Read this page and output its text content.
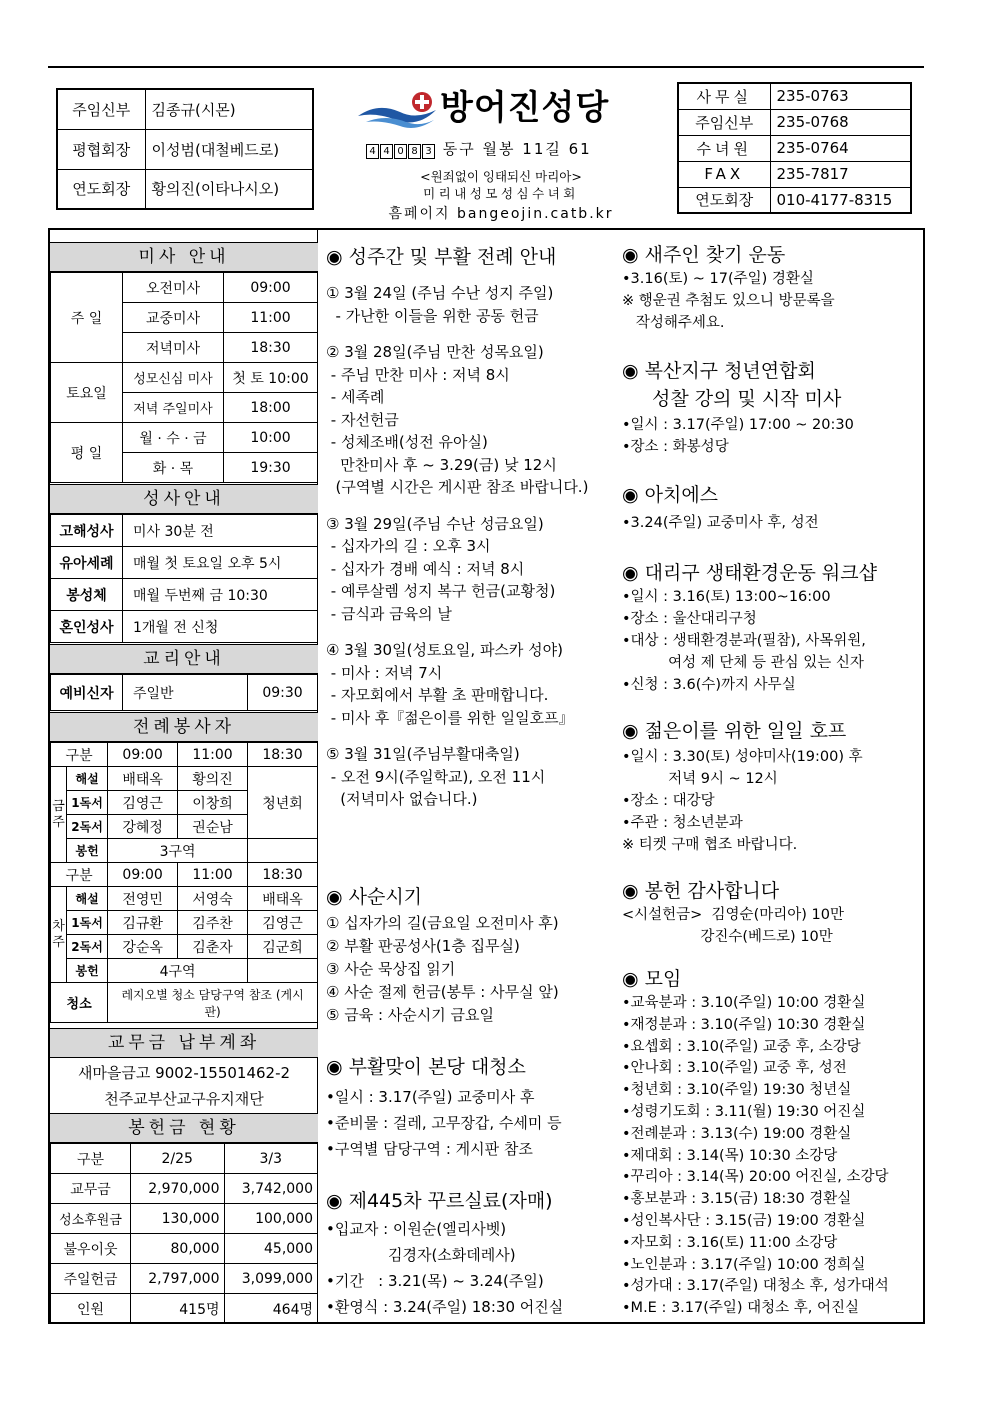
주임신부	김종규(시몬)
평협회장	이성범(대철베드로)
연도회장	황의진(이타나시오)
방어진성당
4 4 0 8 3 동구 월봉 11길 61
<원죄없이 잉태되신 마리아>
미리내성모성심수녀회
흠페이지 bangeojin.catb.kr
사무실	235-0763
주임신부	235-0768
수녀원	235-0764
FAX	235-7817
연도회장	010-4177-8315
미사 안내
주 일	오전미사	09:00
	교중미사	11:00
	저녁미사	18:30
토요일	성모신심 미사	첫 토 10:00
	저녁 주일미사	18:00
평 일	월 · 수 · 금	10:00
	화 · 목	19:30
성사안내
고해성사	미사 30분 전
유아세례	매월 첫 토요일 오후 5시
봉성체	매월 두번째 금 10:30
혼인성사	1개월 전 신청
교리안내
예비신자	주일반	09:30
전례봉사자
구분		09:00	11:00	18:30
금주	해설	배태옥	황의진	청년회
	1독서	김영근	이창희	
	2독서	강혜정	권순남	
	봉헌	3구역		
구분		09:00	11:00	18:30
차주	해설	전영민	서영숙	배태옥
	1독서	김규환	김주찬	김영근
	2독서	강순옥	김춘자	김군희
	봉헌	4구역		
청소		레지오별 청소 담당구역 참조 (게시판)		
교무금 납부계좌
새마을금고 9002-15501462-2
천주교부산교구유지재단
봉헌금 현황
구분	2/25	3/3
교무금	2,970,000	3,742,000
성소후원금	130,000	100,000
불우이웃	80,000	45,000
주일헌금	2,797,000	3,099,000
인원	415명	464명
◉ 성주간 및 부활 전례 안내
① 3월 24일 (주님 수난 성지 주일)
- 가난한 이들을 위한 공동 헌금
② 3월 28일(주님 만찬 성목요일)
- 주님 만찬 미사 : 저녁 8시
- 세족례
- 자선헌금
- 성체조배(성전 유아실)
만찬미사 후 ~ 3.29(금) 낮 12시
(구역별 시간은 게시판 참조 바랍니다.)
③ 3월 29일(주님 수난 성금요일)
- 십자가의 길 : 오후 3시
- 십자가 경배 예식 : 저녁 8시
- 예루살렘 성지 복구 헌금(교황청)
- 금식과 금육의 날
④ 3월 30일(성토요일, 파스카 성야)
- 미사 : 저녁 7시
- 자모회에서 부활 초 판매합니다.
- 미사 후『젊은이를 위한 일일호프』
⑤ 3월 31일(주님부활대축일)
- 오전 9시(주일학교), 오전 11시
(저녁미사 없습니다.)
◉ 사순시기
① 십자가의 길(금요일 오전미사 후)
② 부활 판공성사(1층 집무실)
③ 사순 묵상집 읽기
④ 사순 절제 헌금(봉투 : 사무실 앞)
⑤ 금육 : 사순시기 금요일
◉ 부활맞이 본당 대청소
•일시 : 3.17(주일) 교중미사 후
•준비물 : 걸레, 고무장갑, 수세미 등
•구역별 담당구역 : 게시판 참조
◉ 제445차 꾸르실료(자매)
•입교자 : 이원순(엘리사벳)
김경자(소화데레사)
•기간   : 3.21(목) ~ 3.24(주일)
•환영식 : 3.24(주일) 18:30 어진실
◉ 새주인 찾기 운동
•3.16(토) ~ 17(주일) 경환실
※ 행운권 추첨도 있으니 방문록을
작성해주세요.
◉ 복산지구 청년연합회
성찰 강의 및 시작 미사
•일시 : 3.17(주일) 17:00 ~ 20:30
•장소 : 화봉성당
◉ 아치에스
•3.24(주일) 교중미사 후, 성전
◉ 대리구 생태환경운동 워크샵
•일시 : 3.16(토) 13:00~16:00
•장소 : 울산대리구청
•대상 : 생태환경분과(필참), 사목위원,
여성 제 단체 등 관심 있는 신자
•신청 : 3.6(수)까지 사무실
◉ 젊은이를 위한 일일 호프
•일시 : 3.30(토) 성야미사(19:00) 후
저녁 9시 ~ 12시
•장소 : 대강당
•주관 : 청소년분과
※ 티켓 구매 협조 바랍니다.
◉ 봉헌 감사합니다
<시설헌금>  김영순(마리아) 10만
강진수(베드로) 10만
◉ 모임
•교육분과 : 3.10(주일) 10:00 경환실
•재정분과 : 3.10(주일) 10:30 경환실
•요셉회 : 3.10(주일) 교중 후, 소강당
•안나회 : 3.10(주일) 교중 후, 성전
•청년회 : 3.10(주일) 19:30 청년실
•성령기도회 : 3.11(월) 19:30 어진실
•전례분과 : 3.13(수) 19:00 경환실
•제대회 : 3.14(목) 10:30 소강당
•꾸리아 : 3.14(목) 20:00 어진실, 소강당
•홍보분과 : 3.15(금) 18:30 경환실
•성인복사단 : 3.15(금) 19:00 경환실
•자모회 : 3.16(토) 11:00 소강당
•노인분과 : 3.17(주일) 10:00 정희실
•성가대 : 3.17(주일) 대청소 후, 성가대석
•M.E : 3.17(주일) 대청소 후, 어진실
